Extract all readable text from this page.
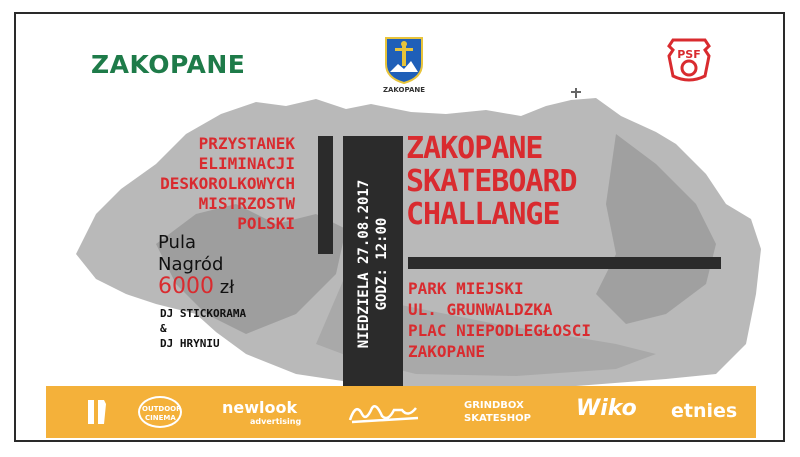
ZAKOPANE
ZAKOPANE
PSF
PRZYSTANEK
ELIMINACJI
DESKOROLKOWYCH
MISTRZOSTW
POLSKI	NIEDZIELA 27.08.2017 GODZ: 12:00
ZAKOPANE
SKATEBOARD
CHALLANGE
Pula
Nagród
6000 zł
DJ STICKORAMA
&
DJ HRYNIU
PARK MIEJSKI
UL. GRUNWALDZKA
PLAC NIEPODLEGŁOSCI
ZAKOPANE
OUTDOOR
CINEMA
newlook
advertising
GRINDBOX
SKATESHOP Wiko etnies
